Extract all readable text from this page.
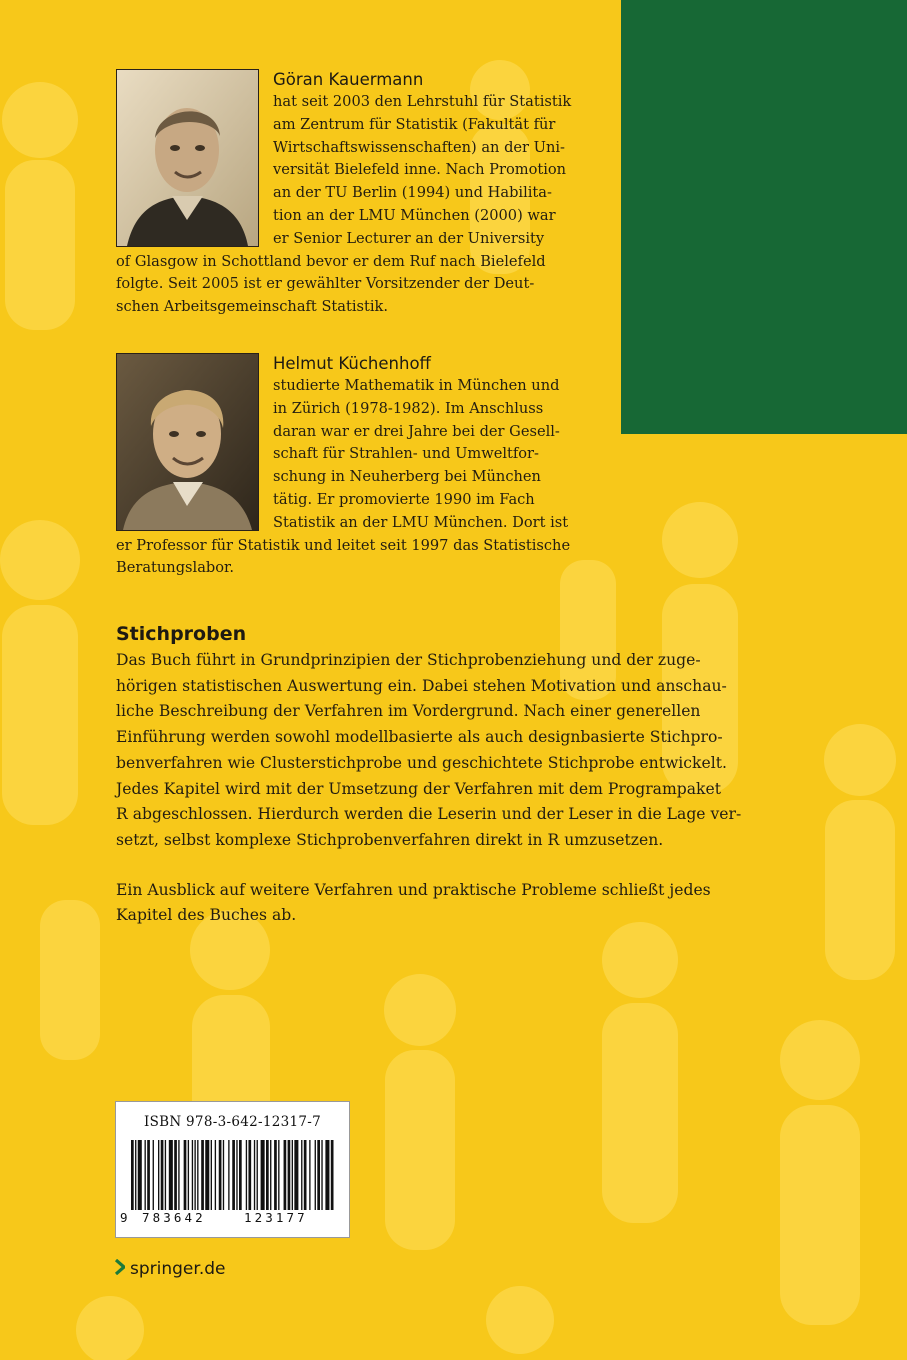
Göran Kauermann

hat seit 2003 den Lehrstuhl für Statistik
am Zentrum für Statistik (Fakultät für
Wirtschaftswissenschaften) an der Uni-
versität Bielefeld inne. Nach Promotion
an der TU Berlin (1994) und Habilita-
tion an der LMU München (2000) war
er Senior Lecturer an der University
of Glasgow in Schottland bevor er dem Ruf nach Bielefeld
folgte. Seit 2005 ist er gewählter Vorsitzender der Deut-
schen Arbeitsgemeinschaft Statistik.

Helmut Küchenhoff

studierte Mathematik in München und
in Zürich (1978-1982). Im Anschluss
daran war er drei Jahre bei der Gesell-
schaft für Strahlen- und Umweltfor-
schung in Neuherberg bei München
tätig. Er promovierte 1990 im Fach
Statistik an der LMU München. Dort ist
er Professor für Statistik und leitet seit 1997 das Statistische
Beratungslabor.

Stichproben

Das Buch führt in Grundprinzipien der Stichprobenziehung und der zuge-
hörigen statistischen Auswertung ein. Dabei stehen Motivation und anschau-
liche Beschreibung der Verfahren im Vordergrund. Nach einer generellen
Einführung werden sowohl modellbasierte als auch designbasierte Stichpro-
benverfahren wie Clusterstichprobe und geschichtete Stichprobe entwickelt.
Jedes Kapitel wird mit der Umsetzung der Verfahren mit dem Programpaket
R abgeschlossen. Hierdurch werden die Leserin und der Leser in die Lage ver-
setzt, selbst komplexe Stichprobenverfahren direkt in R umzusetzen.

Ein Ausblick auf weitere Verfahren und praktische Probleme schließt jedes
Kapitel des Buches ab.

ISBN 978-3-642-12317-7
9 783642	123177
springer.de
